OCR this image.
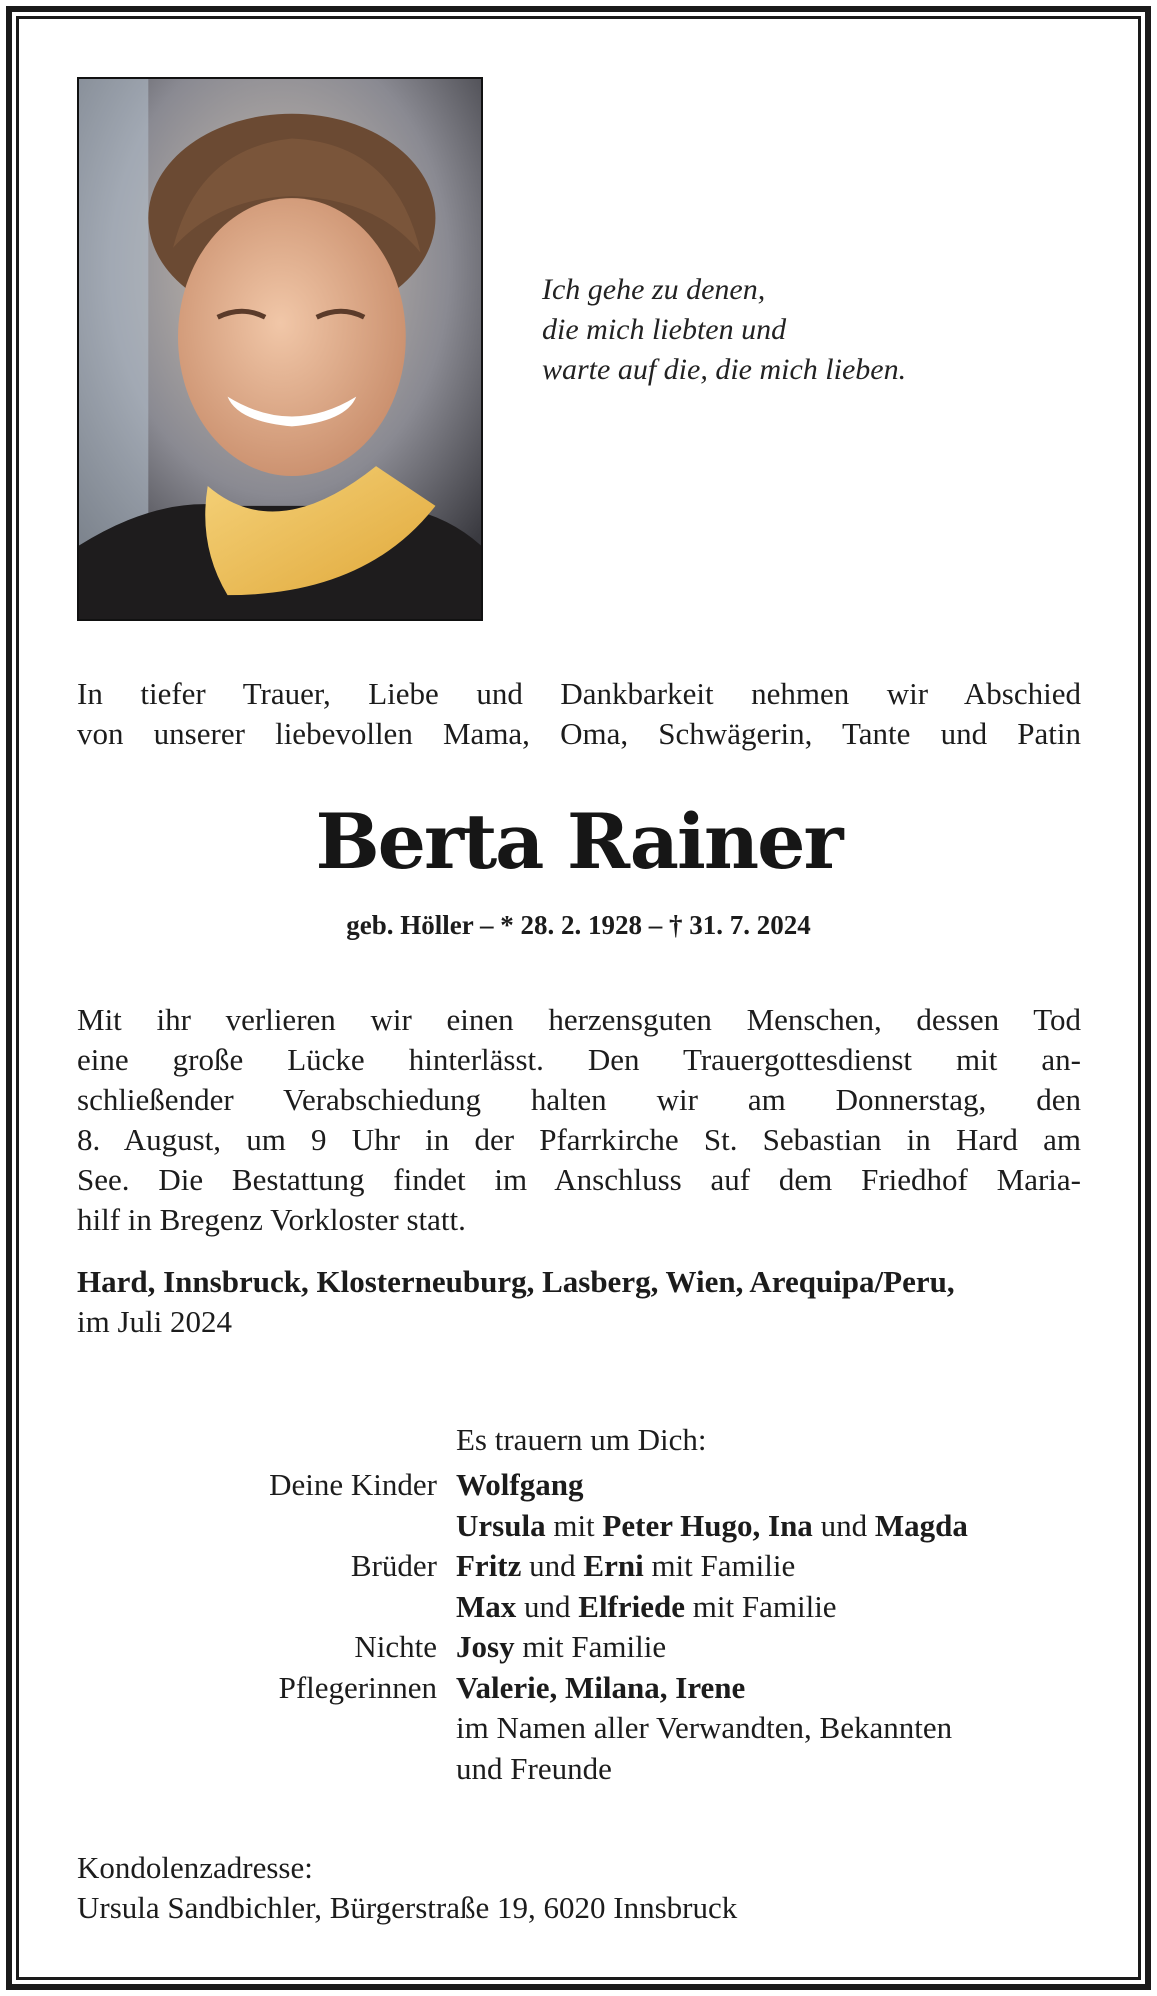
Ich gehe zu denen,
die mich liebten und
warte auf die, die mich lieben.
In tiefer Trauer, Liebe und Dankbarkeit nehmen wir Abschied
von unserer liebevollen Mama, Oma, Schwägerin, Tante und Patin
Berta Rainer
geb. Höller – * 28. 2. 1928 – † 31. 7. 2024
Mit ihr verlieren wir einen herzensguten Menschen, dessen Tod
eine große Lücke hinterlässt. Den Trauergottesdienst mit an-
schließender Verabschiedung halten wir am Donnerstag, den
8. August, um 9 Uhr in der Pfarrkirche St. Sebastian in Hard am
See. Die Bestattung findet im Anschluss auf dem Friedhof Maria-
hilf in Bregenz Vorkloster statt.
Hard, Innsbruck, Klosterneuburg, Lasberg, Wien, Arequipa/Peru,
im Juli 2024
Es trauern um Dich:
Deine Kinder Wolfgang
Ursula mit Peter Hugo, Ina und Magda
Brüder Fritz und Erni mit Familie
Max und Elfriede mit Familie
Nichte Josy mit Familie
Pflegerinnen Valerie, Milana, Irene
im Namen aller Verwandten, Bekannten
und Freunde
Kondolenzadresse:
Ursula Sandbichler, Bürgerstraße 19, 6020 Innsbruck
